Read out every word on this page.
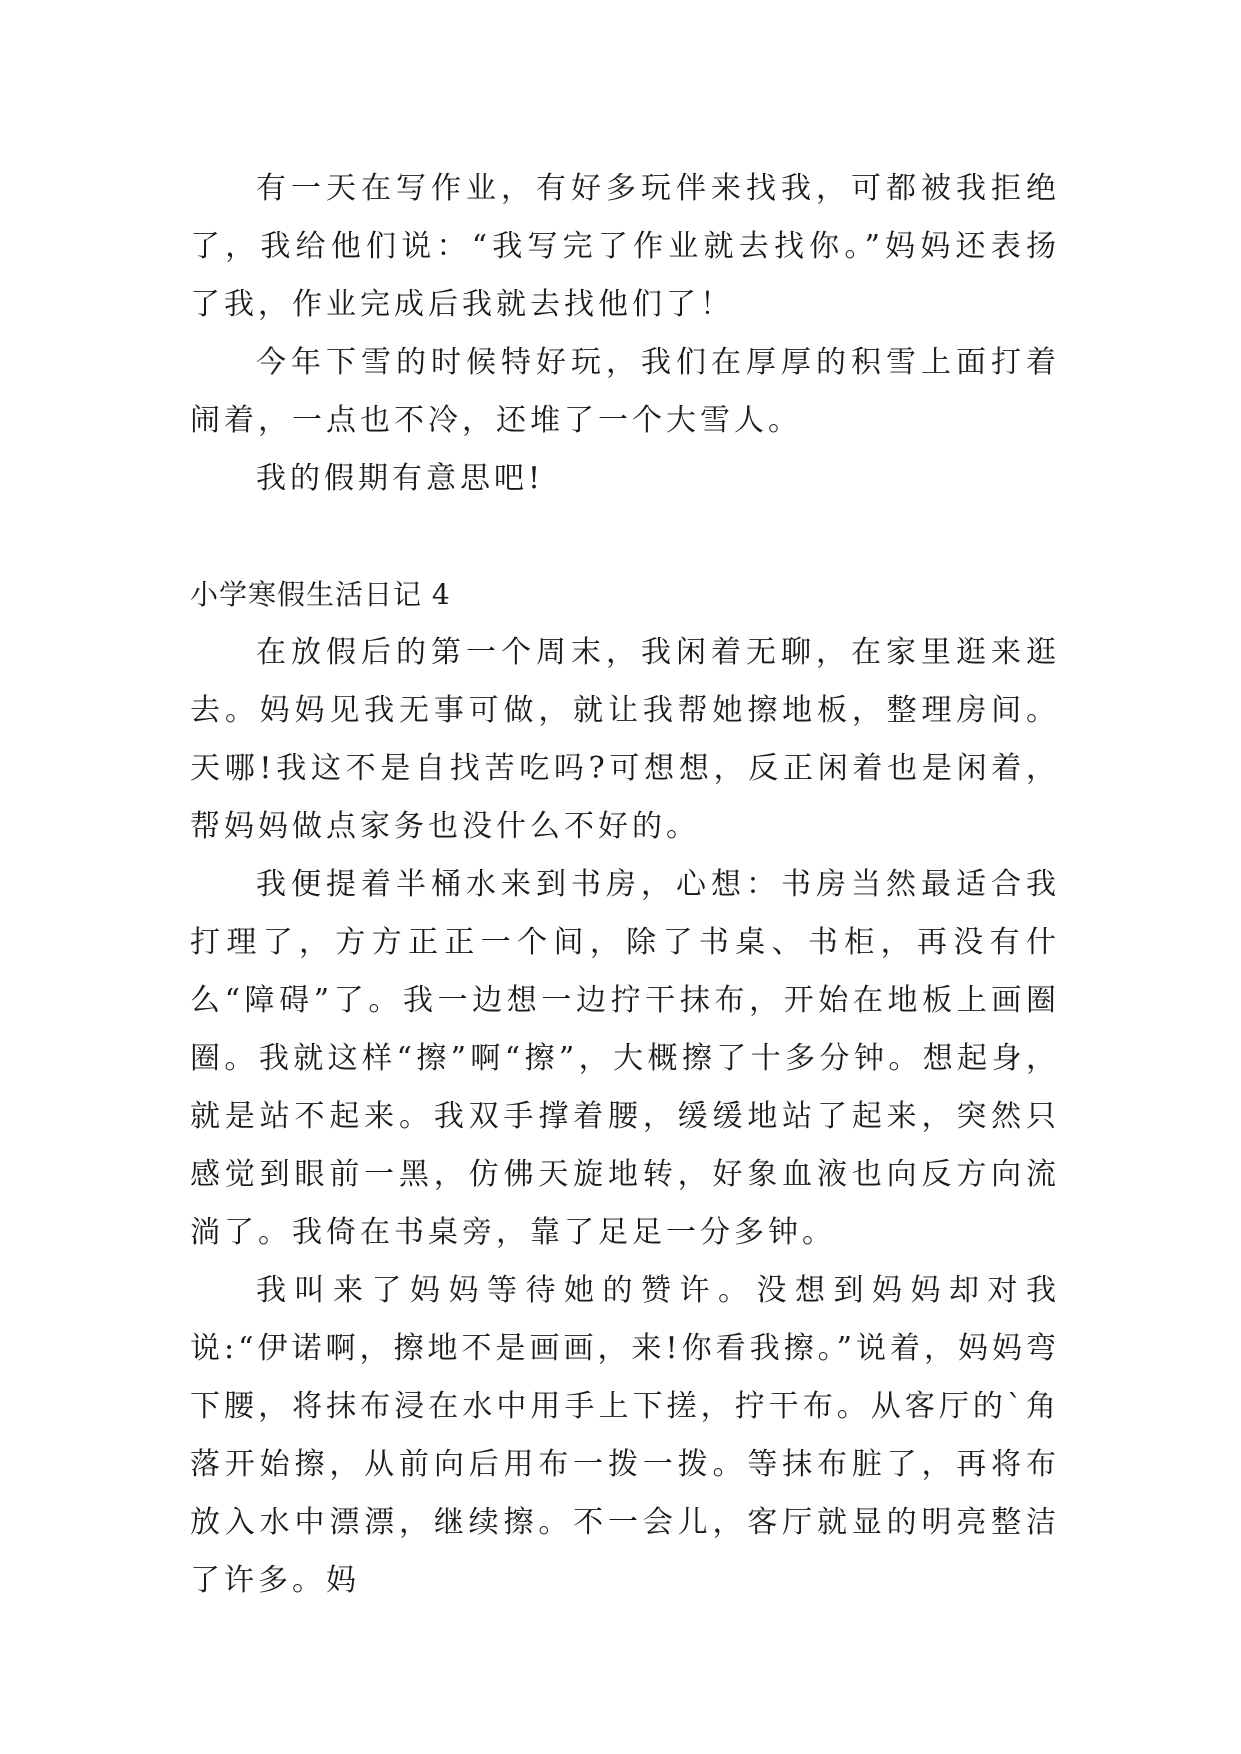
有一天在写作业，有好多玩伴来找我，可都被我拒绝了，我给他们说：“我写完了作业就去找你。”妈妈还表扬了我，作业完成后我就去找他们了！

今年下雪的时候特好玩，我们在厚厚的积雪上面打着闹着，一点也不冷，还堆了一个大雪人。

我的假期有意思吧!

小学寒假生活日记 4

在放假后的第一个周末，我闲着无聊，在家里逛来逛去。妈妈见我无事可做，就让我帮她擦地板，整理房间。天哪!我这不是自找苦吃吗?可想想，反正闲着也是闲着，帮妈妈做点家务也没什么不好的。

我便提着半桶水来到书房，心想：书房当然最适合我打理了，方方正正一个间，除了书桌、书柜，再没有什么“障碍”了。我一边想一边拧干抹布，开始在地板上画圈圈。我就这样“擦”啊“擦”，大概擦了十多分钟。想起身，就是站不起来。我双手撑着腰，缓缓地站了起来，突然只感觉到眼前一黑，仿佛天旋地转，好象血液也向反方向流淌了。我倚在书桌旁，靠了足足一分多钟。

我叫来了妈妈等待她的赞许。没想到妈妈却对我说:“伊诺啊，擦地不是画画，来!你看我擦。”说着，妈妈弯下腰，将抹布浸在水中用手上下搓，拧干布。从客厅的`角落开始擦，从前向后用布一拨一拨。等抹布脏了，再将布放入水中漂漂，继续擦。不一会儿，客厅就显的明亮整洁了许多。妈
